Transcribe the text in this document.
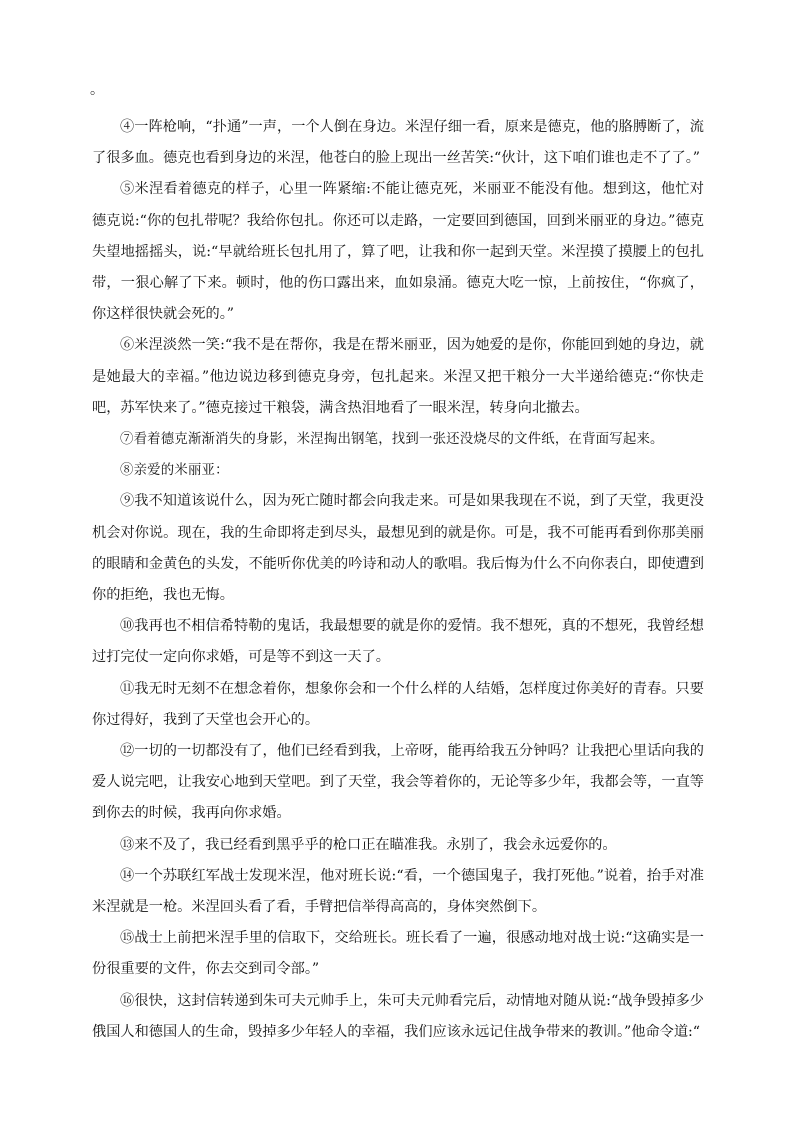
。

④一阵枪响，“扑通”一声，一个人倒在身边。米涅仔细一看，原来是德克，他的胳膊断了，流了很多血。德克也看到身边的米涅，他苍白的脸上现出一丝苦笑:“伙计，这下咱们谁也走不了了。”

⑤米涅看着德克的样子，心里一阵紧缩:不能让德克死，米丽亚不能没有他。想到这，他忙对德克说:“你的包扎带呢？我给你包扎。你还可以走路，一定要回到德国，回到米丽亚的身边。”德克失望地摇摇头，说:“早就给班长包扎用了，算了吧，让我和你一起到天堂。米涅摸了摸腰上的包扎带，一狠心解了下来。顿时，他的伤口露出来，血如泉涌。德克大吃一惊，上前按住，“你疯了，你这样很快就会死的。”

⑥米涅淡然一笑:“我不是在帮你，我是在帮米丽亚，因为她爱的是你，你能回到她的身边，就是她最大的幸福。”他边说边移到德克身旁，包扎起来。米涅又把干粮分一大半递给德克:“你快走吧，苏军快来了。”德克接过干粮袋，满含热泪地看了一眼米涅，转身向北撤去。

⑦看着德克渐渐消失的身影，米涅掏出钢笔，找到一张还没烧尽的文件纸，在背面写起来。

⑧亲爱的米丽亚：

⑨我不知道该说什么，因为死亡随时都会向我走来。可是如果我现在不说，到了天堂，我更没机会对你说。现在，我的生命即将走到尽头，最想见到的就是你。可是，我不可能再看到你那美丽的眼睛和金黄色的头发，不能听你优美的吟诗和动人的歌唱。我后悔为什么不向你表白，即使遭到你的拒绝，我也无悔。

⑩我再也不相信希特勒的鬼话，我最想要的就是你的爱情。我不想死，真的不想死，我曾经想过打完仗一定向你求婚，可是等不到这一天了。

⑪我无时无刻不在想念着你，想象你会和一个什么样的人结婚，怎样度过你美好的青春。只要你过得好，我到了天堂也会开心的。

⑫一切的一切都没有了，他们已经看到我，上帝呀，能再给我五分钟吗？让我把心里话向我的爱人说完吧，让我安心地到天堂吧。到了天堂，我会等着你的，无论等多少年，我都会等，一直等到你去的时候，我再向你求婚。

⑬来不及了，我已经看到黑乎乎的枪口正在瞄准我。永别了，我会永远爱你的。

⑭一个苏联红军战士发现米涅，他对班长说:“看，一个德国鬼子，我打死他。”说着，抬手对准米涅就是一枪。米涅回头看了看，手臂把信举得高高的，身体突然倒下。

⑮战士上前把米涅手里的信取下，交给班长。班长看了一遍，很感动地对战士说:“这确实是一份很重要的文件，你去交到司令部。”

⑯很快，这封信转递到朱可夫元帅手上，朱可夫元帅看完后，动情地对随从说:“战争毁掉多少俄国人和德国人的生命，毁掉多少年轻人的幸福，我们应该永远记住战争带来的教训。”他命令道:“
